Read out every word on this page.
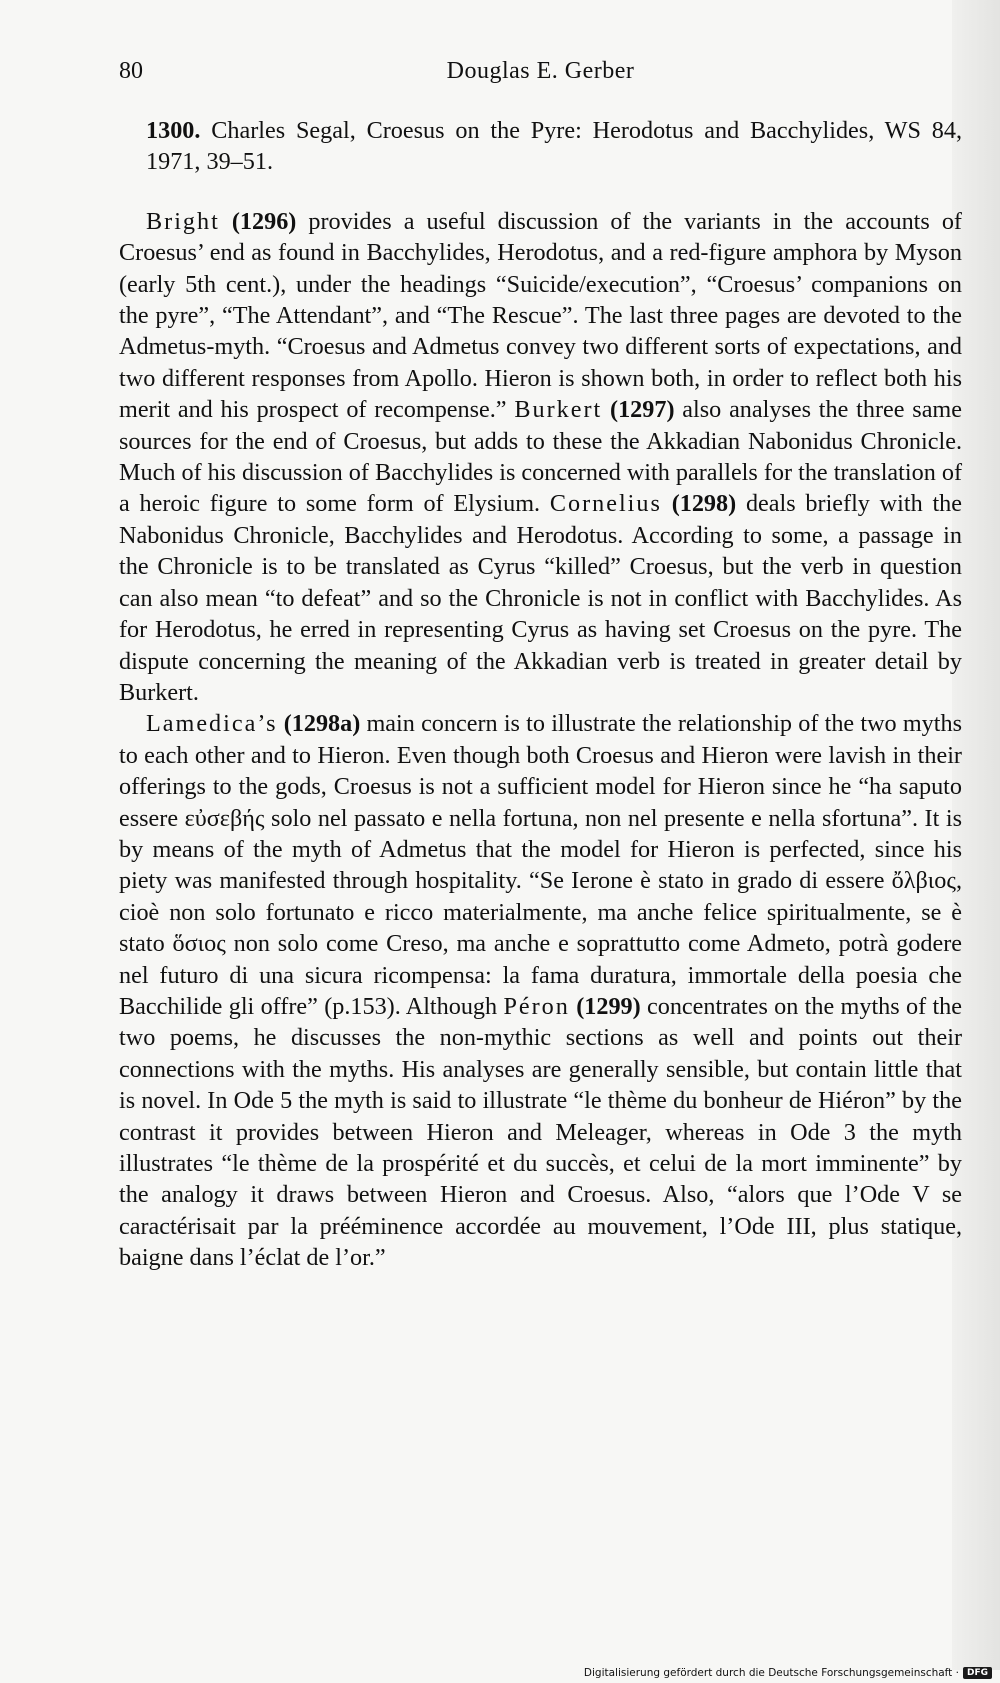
80	Douglas E. Gerber

1300. Charles Segal, Croesus on the Pyre: Herodotus and Bacchylides, WS 84, 1971, 39–51.

Bright (1296) provides a useful discussion of the variants in the accounts of Croesus’ end as found in Bacchylides, Herodotus, and a red-figure amphora by Myson (early 5th cent.), under the headings “Suicide/execution”, “Croesus’ companions on the pyre”, “The Attendant”, and “The Rescue”. The last three pages are devoted to the Admetus-myth. “Croesus and Admetus convey two different sorts of expectations, and two different responses from Apollo. Hieron is shown both, in order to reflect both his merit and his prospect of recompense.” Burkert (1297) also analyses the three same sources for the end of Croesus, but adds to these the Akkadian Nabonidus Chronicle. Much of his discussion of Bacchylides is concerned with parallels for the translation of a heroic figure to some form of Elysium. Cornelius (1298) deals briefly with the Nabonidus Chronicle, Bacchylides and Herodotus. According to some, a passage in the Chronicle is to be translated as Cyrus “killed” Croesus, but the verb in question can also mean “to defeat” and so the Chronicle is not in conflict with Bacchylides. As for Herodotus, he erred in representing Cyrus as having set Croesus on the pyre. The dispute concerning the meaning of the Akkadian verb is treated in greater detail by Burkert.

Lamedica’s (1298a) main concern is to illustrate the relationship of the two myths to each other and to Hieron. Even though both Croesus and Hieron were lavish in their offerings to the gods, Croesus is not a sufficient model for Hieron since he “ha saputo essere εὐσεβής solo nel passato e nella fortuna, non nel presente e nella sfortuna”. It is by means of the myth of Admetus that the model for Hieron is perfected, since his piety was manifested through hospitality. “Se Ierone è stato in grado di essere ὄλβιος, cioè non solo fortunato e ricco materialmente, ma anche felice spiritualmente, se è stato ὅσιος non solo come Creso, ma anche e soprattutto come Admeto, potrà godere nel futuro di una sicura ricompensa: la fama duratura, immortale della poesia che Bacchilide gli offre” (p.153). Although Péron (1299) concentrates on the myths of the two poems, he discusses the non-mythic sections as well and points out their connections with the myths. His analyses are generally sensible, but contain little that is novel. In Ode 5 the myth is said to illustrate “le thème du bonheur de Hiéron” by the contrast it provides between Hieron and Meleager, whereas in Ode 3 the myth illustrates “le thème de la prospérité et du succès, et celui de la mort imminente” by the analogy it draws between Hieron and Croesus. Also, “alors que l’Ode V se caractérisait par la prééminence accordée au mouvement, l’Ode III, plus statique, baigne dans l’éclat de l’or.”

Digitalisierung gefördert durch die Deutsche Forschungsgemeinschaft · DFG
